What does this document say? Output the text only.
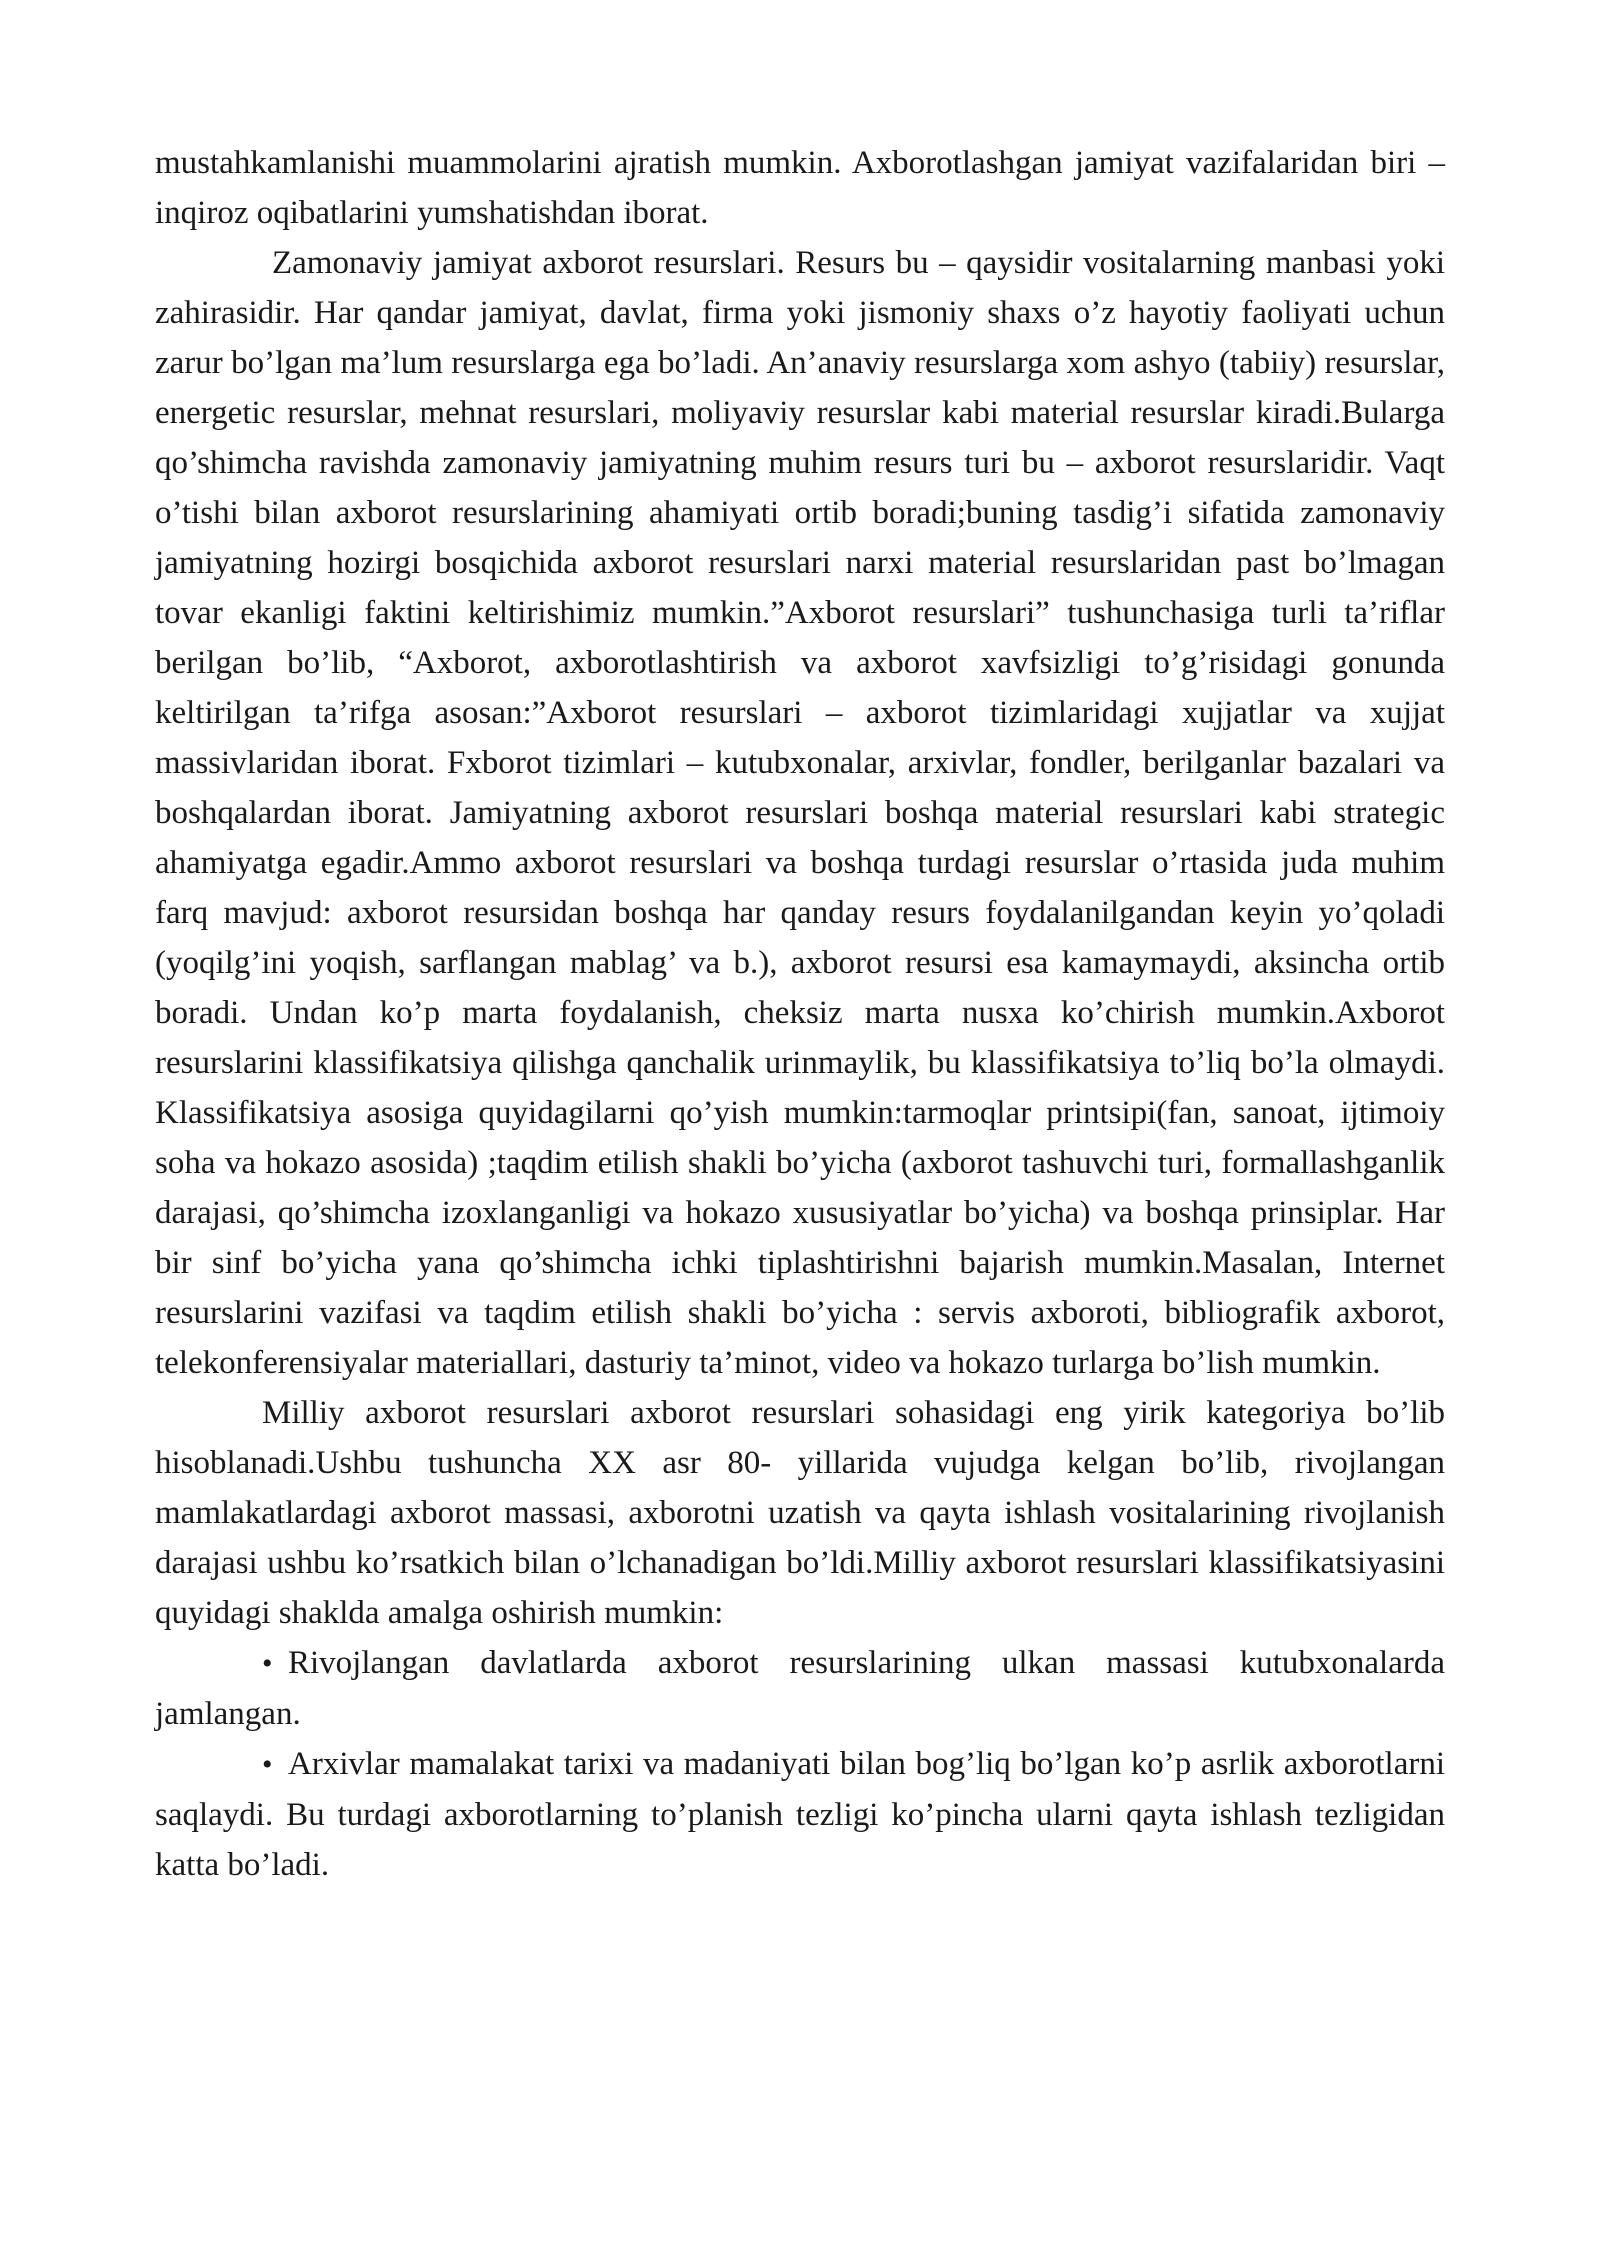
mustahkamlanishi muammolarini ajratish mumkin. Axborotlashgan jamiyat vazifalaridan biri – inqiroz oqibatlarini yumshatishdan iborat.

Zamonaviy jamiyat axborot resurslari. Resurs bu – qaysidir vositalarning manbasi yoki zahirasidir. Har qandar jamiyat, davlat, firma yoki jismoniy shaxs o’z hayotiy faoliyati uchun zarur bo’lgan ma’lum resurslarga ega bo’ladi. An’anaviy resurslarga xom ashyo (tabiiy) resurslar, energetic resurslar, mehnat resurslari, moliyaviy resurslar kabi material resurslar kiradi.Bularga qo’shimcha ravishda zamonaviy jamiyatning muhim resurs turi bu – axborot resurslaridir. Vaqt o’tishi bilan axborot resurslarining ahamiyati ortib boradi;buning tasdig’i sifatida zamonaviy jamiyatning hozirgi bosqichida axborot resurslari narxi material resurslaridan past bo’lmagan tovar ekanligi faktini keltirishimiz mumkin.”Axborot resurslari” tushunchasiga turli ta’riflar berilgan bo’lib, “Axborot, axborotlashtirish va axborot xavfsizligi to’g’risidagi gonunda keltirilgan ta’rifga asosan:”Axborot resurslari – axborot tizimlaridagi xujjatlar va xujjat massivlaridan iborat. Fxborot tizimlari – kutubxonalar, arxivlar, fondler, berilganlar bazalari va boshqalardan iborat. Jamiyatning axborot resurslari boshqa material resurslari kabi strategic ahamiyatga egadir.Ammo axborot resurslari va boshqa turdagi resurslar o’rtasida juda muhim farq mavjud: axborot resursidan boshqa har qanday resurs foydalanilgandan keyin yo’qoladi (yoqilg’ini yoqish, sarflangan mablag’ va b.), axborot resursi esa kamaymaydi, aksincha ortib boradi. Undan ko’p marta foydalanish, cheksiz marta nusxa ko’chirish mumkin.Axborot resurslarini klassifikatsiya qilishga qanchalik urinmaylik, bu klassifikatsiya to’liq bo’la olmaydi. Klassifikatsiya asosiga quyidagilarni qo’yish mumkin:tarmoqlar printsipi(fan, sanoat, ijtimoiy soha va hokazo asosida) ;taqdim etilish shakli bo’yicha (axborot tashuvchi turi, formallashganlik darajasi, qo’shimcha izoxlanganligi va hokazo xususiyatlar bo’yicha) va boshqa prinsiplar. Har bir sinf bo’yicha yana qo’shimcha ichki tiplashtirishni bajarish mumkin.Masalan, Internet resurslarini vazifasi va taqdim etilish shakli bo’yicha : servis axboroti, bibliografik axborot, telekonferensiyalar materiallari, dasturiy ta’minot, video va hokazo turlarga bo’lish mumkin.

Milliy axborot resurslari axborot resurslari sohasidagi eng yirik kategoriya bo’lib hisoblanadi.Ushbu tushuncha XX asr 80- yillarida vujudga kelgan bo’lib, rivojlangan mamlakatlardagi axborot massasi, axborotni uzatish va qayta ishlash vositalarining rivojlanish darajasi ushbu ko’rsatkich bilan o’lchanadigan bo’ldi.Milliy axborot resurslari klassifikatsiyasini quyidagi shaklda amalga oshirish mumkin:

• Rivojlangan davlatlarda axborot resurslarining ulkan massasi kutubxonalarda jamlangan.

• Arxivlar mamalakat tarixi va madaniyati bilan bog’liq bo’lgan ko’p asrlik axborotlarni saqlaydi. Bu turdagi axborotlarning to’planish tezligi ko’pincha ularni qayta ishlash tezligidan katta bo’ladi.
